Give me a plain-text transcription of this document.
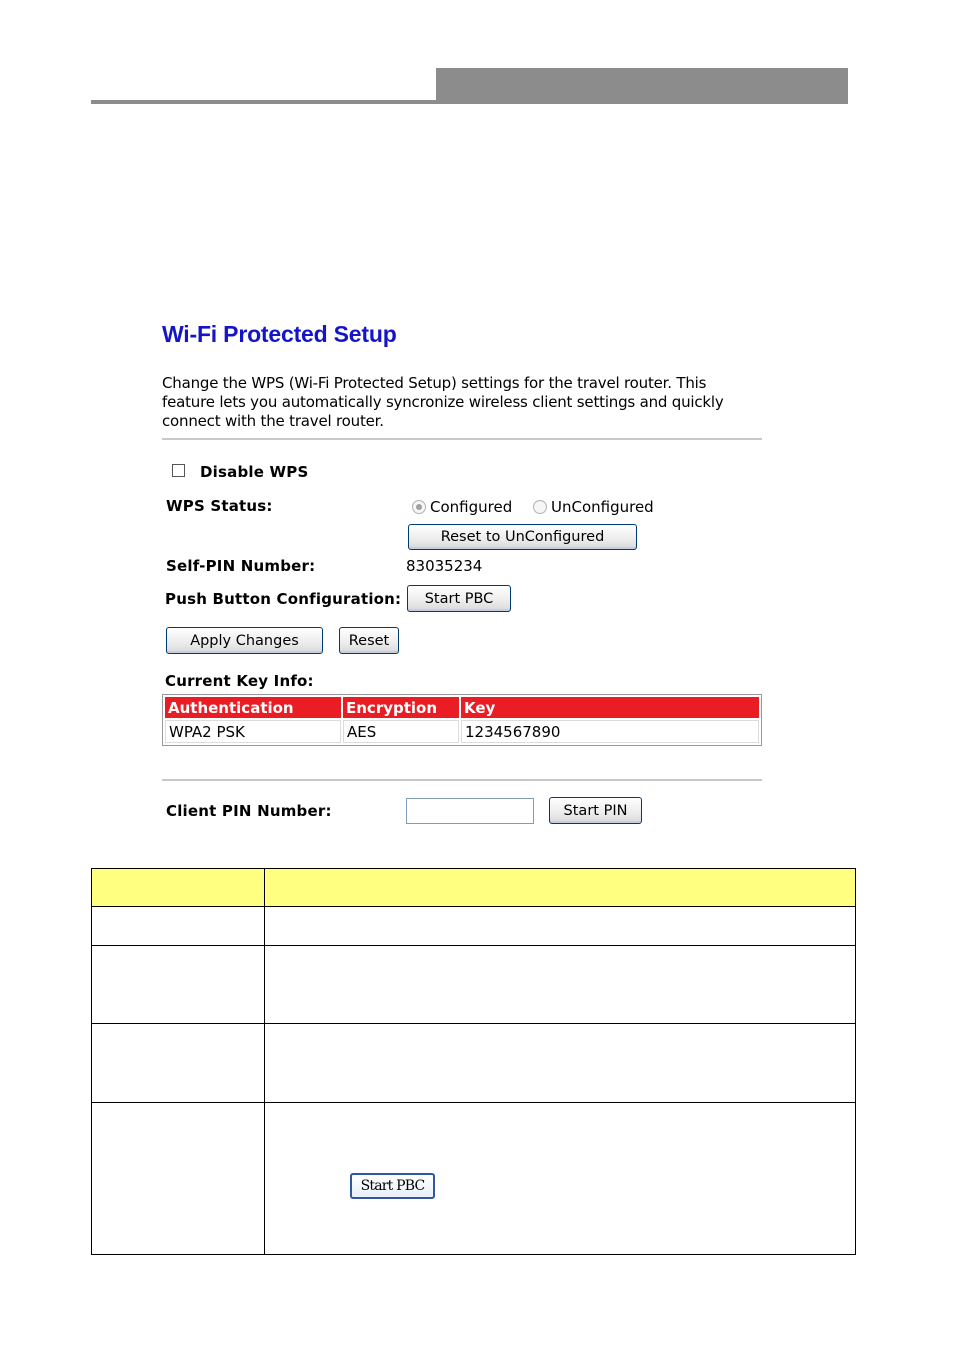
Wi-Fi Protected Setup
Change the WPS (Wi-Fi Protected Setup) settings for the travel router. This feature lets you automatically syncronize wireless client settings and quickly connect with the travel router.
Disable WPS
WPS Status:	Configured	UnConfigured
Reset to UnConfigured
Self-PIN Number:	83035234
Push Button Configuration:	Start PBC
Apply Changes	Reset
Current Key Info:
Authentication	Encryption	Key
WPA2 PSK	AES	1234567890
Client PIN Number:	Start PIN

Start PBC
